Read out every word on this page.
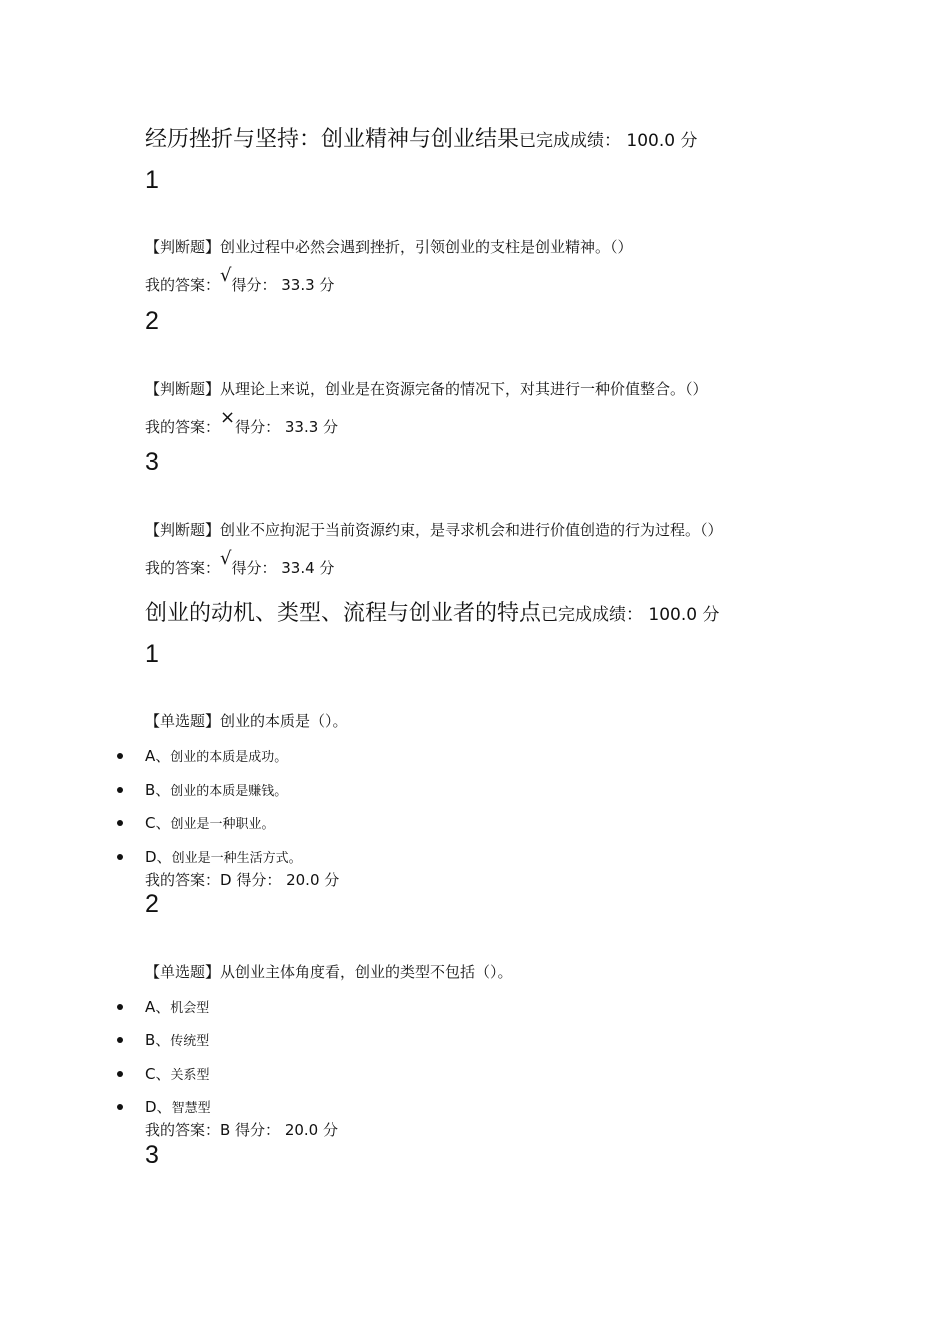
经历挫折与坚持：创业精神与创业结果已完成成绩： 100.0 分
1
【判断题】创业过程中必然会遇到挫折，引领创业的支柱是创业精神。（）
我的答案：√得分： 33.3 分
2
【判断题】从理论上来说，创业是在资源完备的情况下，对其进行一种价值整合。（）
我的答案：×得分： 33.3 分
3
【判断题】创业不应拘泥于当前资源约束，是寻求机会和进行价值创造的行为过程。（）
我的答案：√得分： 33.4 分
创业的动机、类型、流程与创业者的特点已完成成绩： 100.0 分
1
【单选题】创业的本质是（）。
A、创业的本质是成功。
B、创业的本质是赚钱。
C、创业是一种职业。
D、创业是一种生活方式。
我的答案：D 得分： 20.0 分
2
【单选题】从创业主体角度看，创业的类型不包括（）。
A、机会型
B、传统型
C、关系型
D、智慧型
我的答案：B 得分： 20.0 分
3
